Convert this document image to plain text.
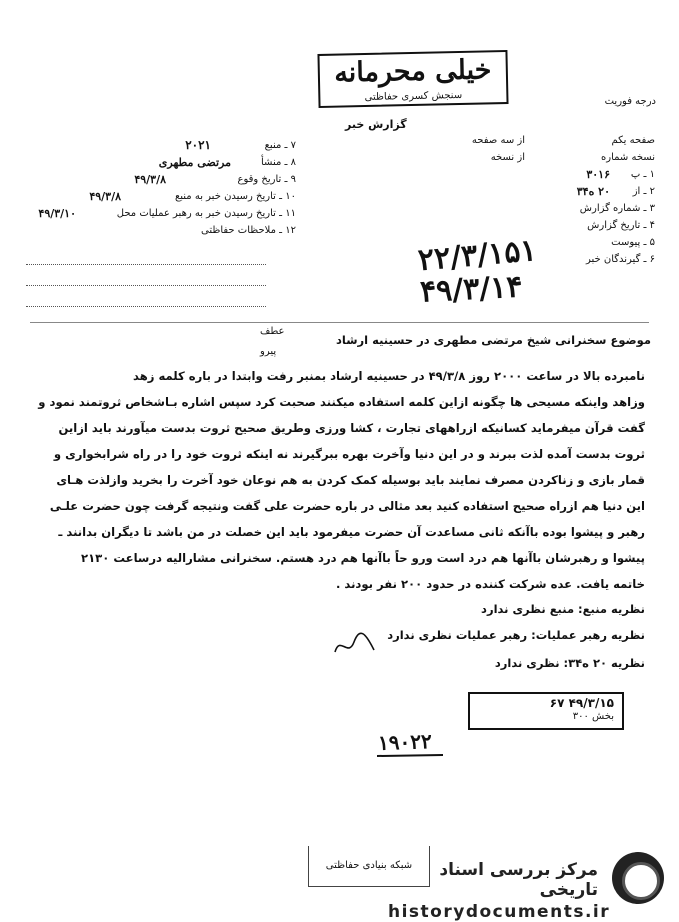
خیلی محرمانه
سنجش کسری حفاظتی	درجه فوریت
گزارش خبر
۷ ـ منبع
۲۰۲۱
۸ ـ منشأ
مرتضی مطهری
۹ ـ تاریخ وقوع
۴۹/۳/۸
۱۰ ـ تاریخ رسیدن خبر به منبع
۴۹/۳/۸
۱۱ ـ تاریخ رسیدن خبر به رهبر عملیات محل
۴۹/۳/۱۰
۱۲ ـ ملاحظات حفاظتی
صفحه یکم
از سه صفحه
نسخه شماره
از نسخه
۱ ـ پ
۳۰۱۶
۲ ـ از
۲۰ ه۳۴
۳ ـ شماره گزارش
۴ ـ تاریخ گزارش
۵ ـ پیوست
۶ ـ گیرندگان خبر
۲۲/۳/۱۵۱
۴۹/۳/۱۴
عطف
پیرو
موضوع سخنرانی شیخ مرتضی مطهری در حسینیه ارشاد
نامبرده بالا در ساعت ۲۰۰۰ روز ۴۹/۳/۸ در حسینیه ارشاد بمنبر رفت وابتدا در باره کلمه زهد
وزاهد واینکه مسیحی ها چگونه ازاین کلمه استفاده میکنند صحبت کرد سپس اشاره بـاشخاص ثروتمند نمود و
گفت قرآن میفرماید کسانیکه ازراههای تجارت ، کشا ورزی وطریق صحیح ثروت بدست میآورند باید ازاین
ثروت بدست آمده لذت ببرند و در این دنیا وآخرت بهره ببرگیرند نه اینکه ثروت خود را در راه شرابخواری و
قمار بازی و زناکردن مصرف نمایند باید بوسیله کمک کردن به هم نوعان خود آخرت را بخرید وازلذت هـای
این دنیا هم ازراه صحیح استفاده کنید بعد مثالی در باره حضرت علی گفت ونتیجه گرفت چون حضرت علـی
رهبر و پیشوا بوده باآنکه ثانی مساعدت آن حضرت میفرمود باید این خصلت در من باشد تا دیگران بدانند ـ
پیشوا و رهبرشان باآنها هم درد است ورو حاً باآنها هم درد هستم. سخنرانی مشارالیه درساعت ۲۱۳۰
خاتمه یافت. عده شرکت کننده در حدود ۲۰۰ نفر بودند .
نظریه منبع: منبع نظری ندارد
نظریه رهبر عملیات: رهبر عملیات نظری ندارد
نظریه ۲۰ ه۳۴: نظری ندارد
۴۹/۳/۱۵ ۶۷
بخش ۳۰۰
۱۹۰۲۲
شبکه بنیادی حفاظتی	مرکز بررسی اسناد تاریخی
historydocuments.ir
